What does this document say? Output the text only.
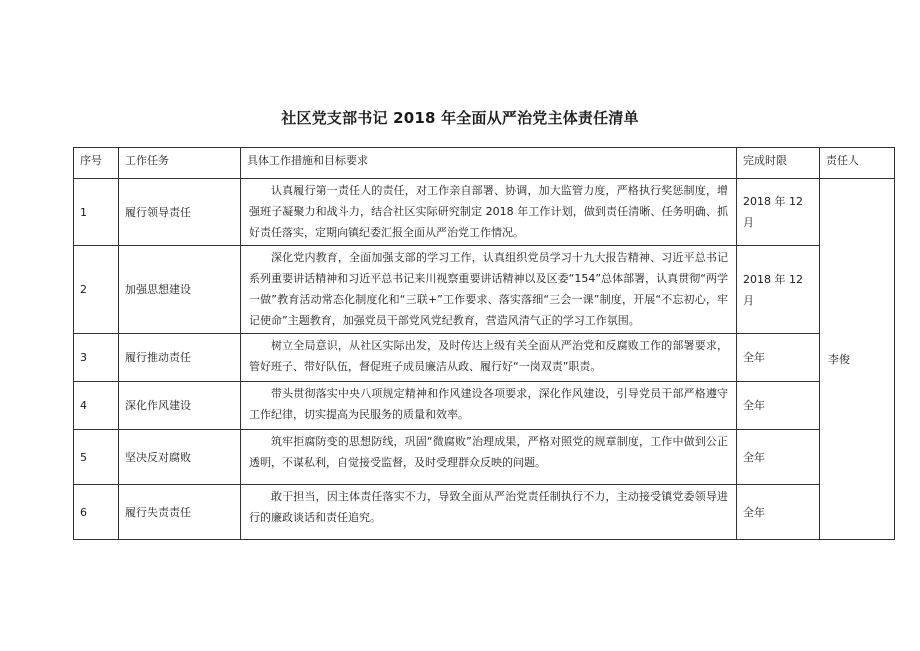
社区党支部书记 2018 年全面从严治党主体责任清单
序号	工作任务	具体工作措施和目标要求	完成时限	责任人
1	履行领导责任	认真履行第一责任人的责任，对工作亲自部署、协调，加大监管力度，严格执行奖惩制度，增强班子凝聚力和战斗力，结合社区实际研究制定 2018 年工作计划，做到责任清晰、任务明确、抓好责任落实，定期向镇纪委汇报全面从严治党工作情况。	2018 年 12 月	李俊
2	加强思想建设	深化党内教育，全面加强支部的学习工作，认真组织党员学习十九大报告精神、习近平总书记系列重要讲话精神和习近平总书记来川视察重要讲话精神以及区委“154”总体部署，认真贯彻“两学一做”教育活动常态化制度化和“三联+”工作要求、落实落细“三会一课”制度，开展“不忘初心，牢记使命”主题教育，加强党员干部党风党纪教育，营造风清气正的学习工作氛围。	2018 年 12 月	
3	履行推动责任	树立全局意识，从社区实际出发，及时传达上级有关全面从严治党和反腐败工作的部署要求，管好班子、带好队伍，督促班子成员廉洁从政、履行好“一岗双责”职责。	全年	
4	深化作风建设	带头贯彻落实中央八项规定精神和作风建设各项要求，深化作风建设，引导党员干部严格遵守工作纪律，切实提高为民服务的质量和效率。	全年	
5	坚决反对腐败	筑牢拒腐防变的思想防线，巩固“微腐败”治理成果，严格对照党的规章制度，工作中做到公正透明，不谋私利，自觉接受监督，及时受理群众反映的问题。	全年	
6	履行失责责任	敢于担当，因主体责任落实不力，导致全面从严治党责任制执行不力，主动接受镇党委领导进行的廉政谈话和责任追究。	全年	
